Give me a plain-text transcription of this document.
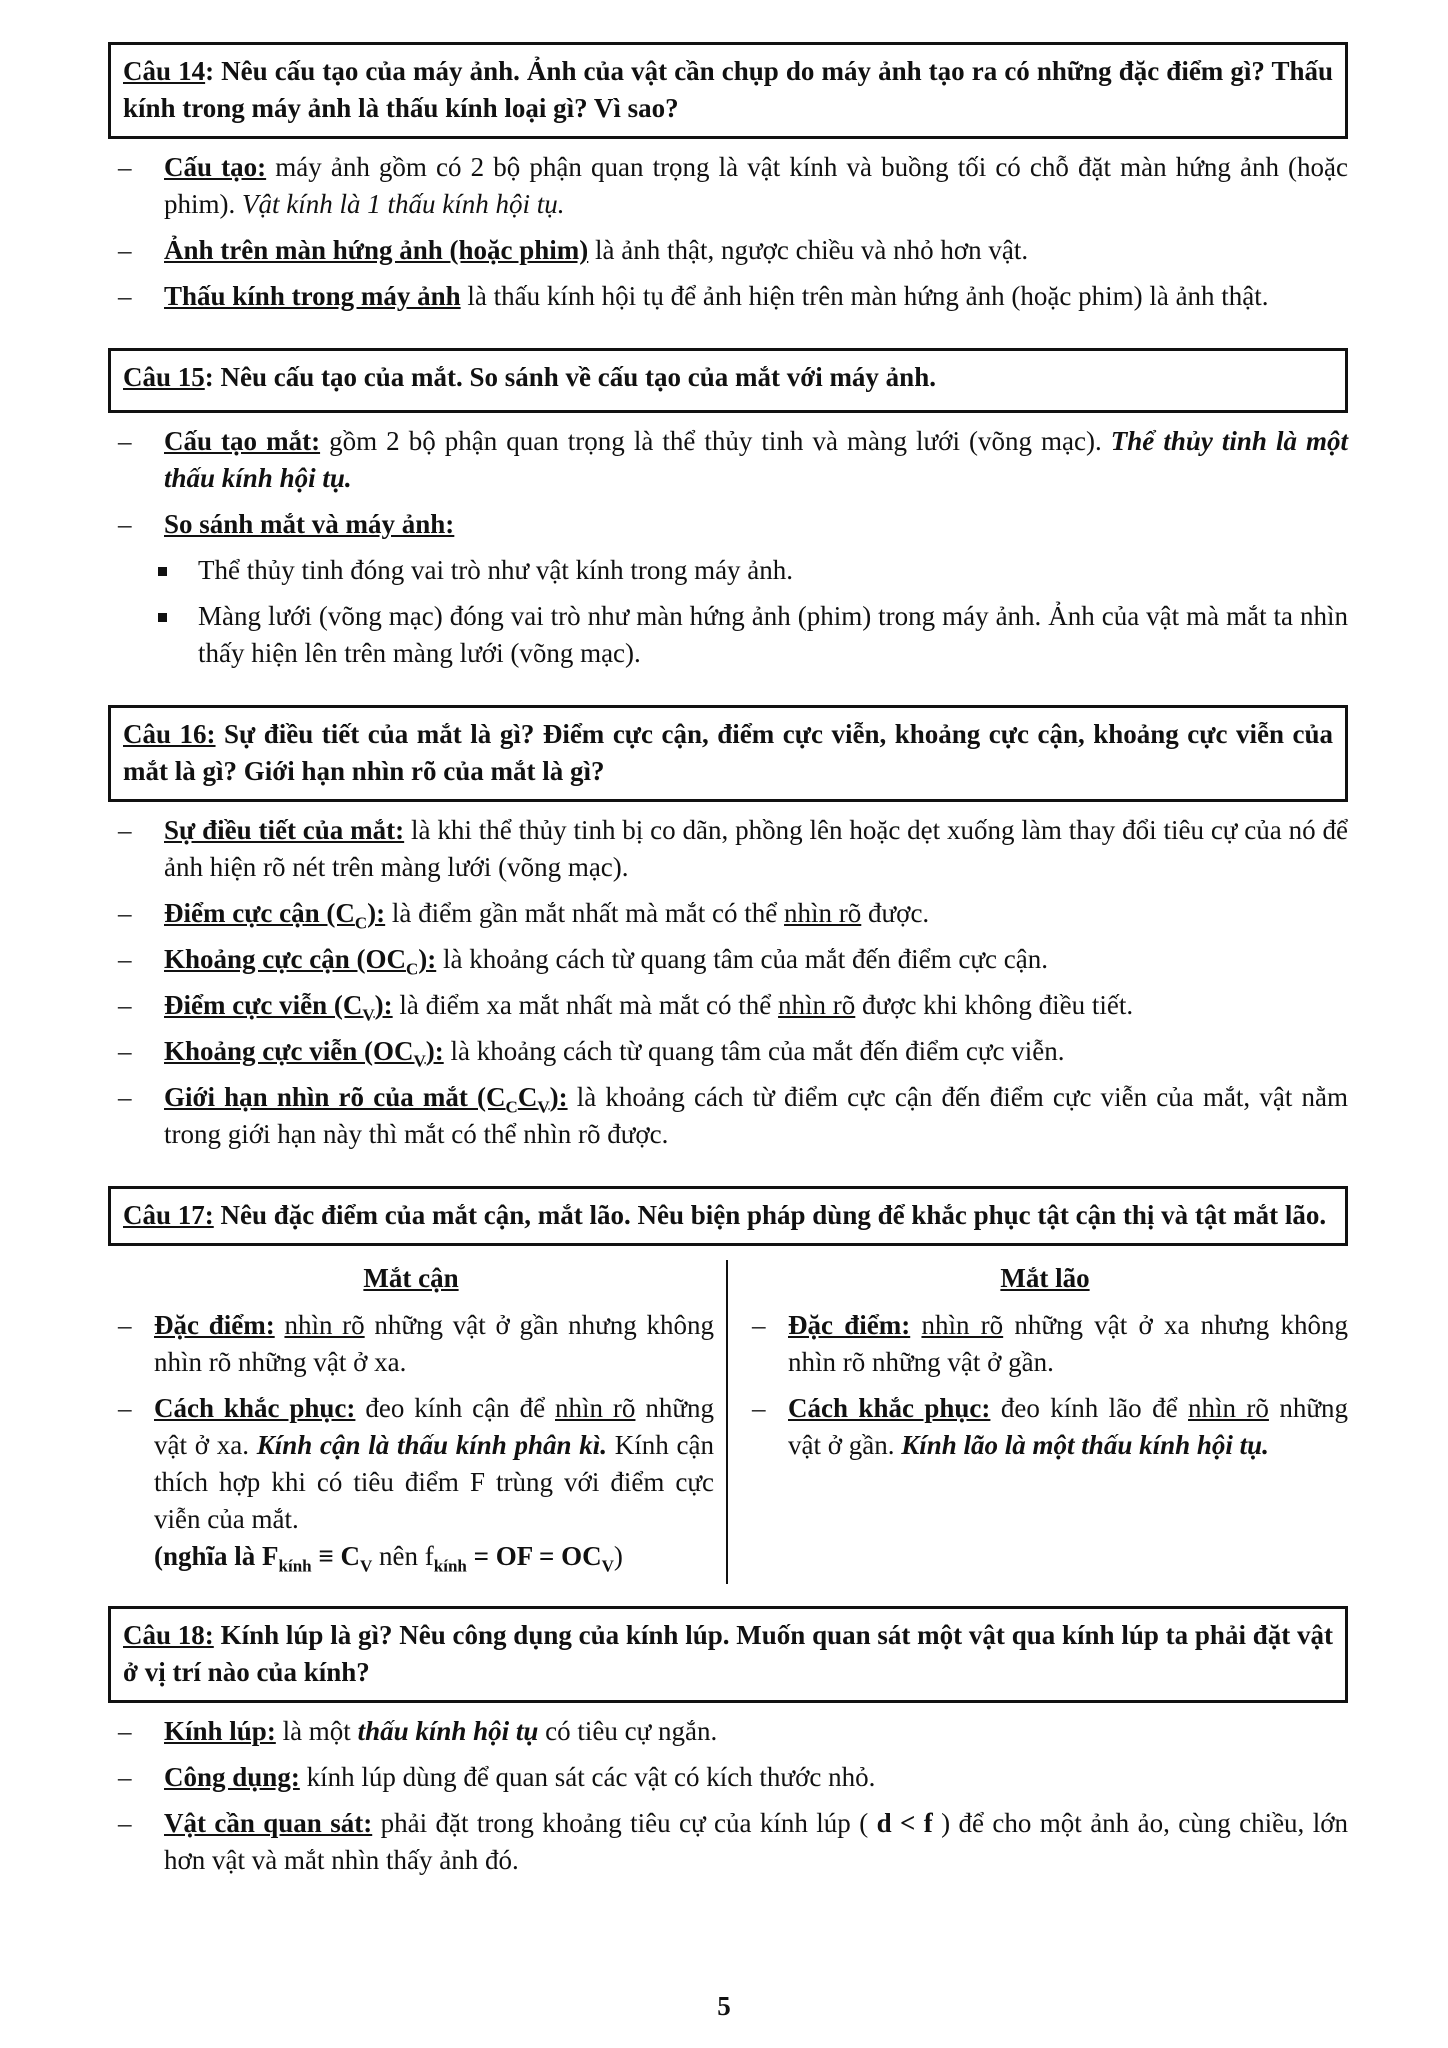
Câu 14: Nêu cấu tạo của máy ảnh. Ảnh của vật cần chụp do máy ảnh tạo ra có những đặc điểm gì? Thấu kính trong máy ảnh là thấu kính loại gì? Vì sao?
– Cấu tạo: máy ảnh gồm có 2 bộ phận quan trọng là vật kính và buồng tối có chỗ đặt màn hứng ảnh (hoặc phim). Vật kính là 1 thấu kính hội tụ.
– Ảnh trên màn hứng ảnh (hoặc phim) là ảnh thật, ngược chiều và nhỏ hơn vật.
– Thấu kính trong máy ảnh là thấu kính hội tụ để ảnh hiện trên màn hứng ảnh (hoặc phim) là ảnh thật.
Câu 15: Nêu cấu tạo của mắt. So sánh về cấu tạo của mắt với máy ảnh.
– Cấu tạo mắt: gồm 2 bộ phận quan trọng là thể thủy tinh và màng lưới (võng mạc). Thể thủy tinh là một thấu kính hội tụ.
– So sánh mắt và máy ảnh:
Thể thủy tinh đóng vai trò như vật kính trong máy ảnh.
Màng lưới (võng mạc) đóng vai trò như màn hứng ảnh (phim) trong máy ảnh. Ảnh của vật mà mắt ta nhìn thấy hiện lên trên màng lưới (võng mạc).
Câu 16: Sự điều tiết của mắt là gì? Điểm cực cận, điểm cực viễn, khoảng cực cận, khoảng cực viễn của mắt là gì? Giới hạn nhìn rõ của mắt là gì?
– Sự điều tiết của mắt: là khi thể thủy tinh bị co dãn, phồng lên hoặc dẹt xuống làm thay đổi tiêu cự của nó để ảnh hiện rõ nét trên màng lưới (võng mạc).
– Điểm cực cận $(C_C)$: là điểm gần mắt nhất mà mắt có thể nhìn rõ được.
– Khoảng cực cận $(OC_C)$: là khoảng cách từ quang tâm của mắt đến điểm cực cận.
– Điểm cực viễn $(C_V)$: là điểm xa mắt nhất mà mắt có thể nhìn rõ được khi không điều tiết.
– Khoảng cực viễn $(OC_V)$: là khoảng cách từ quang tâm của mắt đến điểm cực viễn.
– Giới hạn nhìn rõ của mắt $(C_CC_V)$: là khoảng cách từ điểm cực cận đến điểm cực viễn của mắt, vật nằm trong giới hạn này thì mắt có thể nhìn rõ được.
Câu 17: Nêu đặc điểm của mắt cận, mắt lão. Nêu biện pháp dùng để khắc phục tật cận thị và tật mắt lão.
Mắt cận
– Đặc điểm: nhìn rõ những vật ở gần nhưng không nhìn rõ những vật ở xa.
– Cách khắc phục: đeo kính cận để nhìn rõ những vật ở xa. Kính cận là thấu kính phân kì. Kính cận thích hợp khi có tiêu điểm F trùng với điểm cực viễn của mắt.
(nghĩa là $F_{kính} \equiv C_V$ nên $f_{kính}$ = OF = $OC_V$)
Mắt lão
– Đặc điểm: nhìn rõ những vật ở xa nhưng không nhìn rõ những vật ở gần.
– Cách khắc phục: đeo kính lão để nhìn rõ những vật ở gần. Kính lão là một thấu kính hội tụ.
Câu 18: Kính lúp là gì? Nêu công dụng của kính lúp. Muốn quan sát một vật qua kính lúp ta phải đặt vật ở vị trí nào của kính?
– Kính lúp: là một thấu kính hội tụ có tiêu cự ngắn.
– Công dụng: kính lúp dùng để quan sát các vật có kích thước nhỏ.
– Vật cần quan sát: phải đặt trong khoảng tiêu cự của kính lúp ( d < f ) để cho một ảnh ảo, cùng chiều, lớn hơn vật và mắt nhìn thấy ảnh đó.
5
